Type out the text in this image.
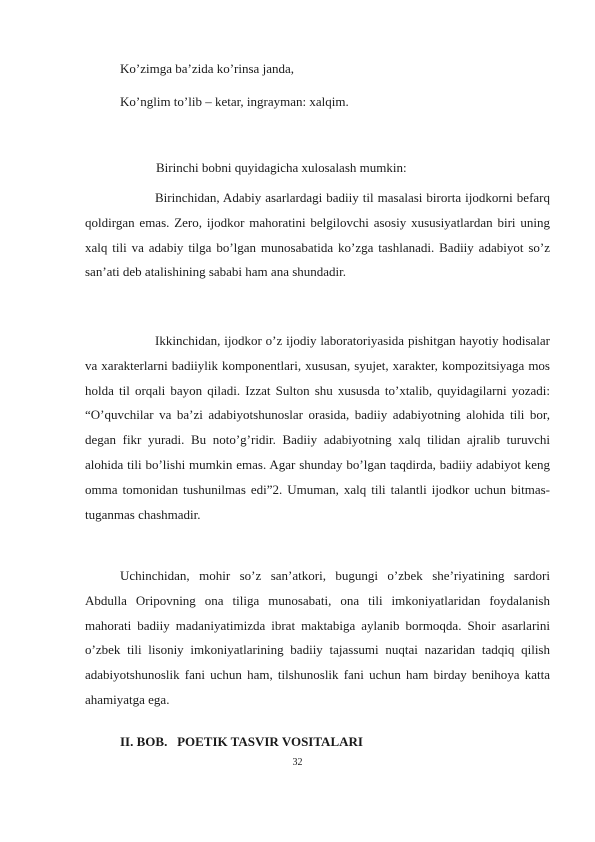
Ko’zimga ba’zida ko’rinsa janda,

Ko’nglim to’lib – ketar, ingrayman: xalqim.

Birinchi bobni quyidagicha xulosalash mumkin:

Birinchidan, Adabiy asarlardagi badiiy til masalasi birorta ijodkorni befarq qoldirgan emas. Zero, ijodkor mahoratini belgilovchi asosiy xususiyatlardan biri uning xalq tili va adabiy tilga bo’lgan munosabatida ko’zga tashlanadi. Badiiy adabiyot so’z san’ati deb atalishining sababi ham ana shundadir.

Ikkinchidan, ijodkor o’z ijodiy laboratoriyasida pishitgan hayotiy hodisalar va xarakterlarni badiiylik komponentlari, xususan, syujet, xarakter, kompozitsiyaga mos holda til orqali bayon qiladi. Izzat Sulton shu xususda to’xtalib, quyidagilarni yozadi: “O’quvchilar va ba’zi adabiyotshunoslar orasida, badiiy adabiyotning alohida tili bor, degan fikr yuradi. Bu noto’g’ridir. Badiiy adabiyotning xalq tilidan ajralib turuvchi alohida tili bo’lishi mumkin emas. Agar shunday bo’lgan taqdirda, badiiy adabiyot keng omma tomonidan tushunilmas edi”2. Umuman, xalq tili talantli ijodkor uchun bitmas-tuganmas chashmadir.

Uchinchidan, mohir so’z san’atkori, bugungi o’zbek she’riyatining sardori Abdulla Oripovning ona tiliga munosabati, ona tili imkoniyatlaridan foydalanish mahorati badiiy madaniyatimizda ibrat maktabiga aylanib bormoqda. Shoir asarlarini o’zbek tili lisoniy imkoniyatlarining badiiy tajassumi nuqtai nazaridan tadqiq qilish adabiyotshunoslik fani uchun ham, tilshunoslik fani uchun ham birday benihoya katta ahamiyatga ega.

II. BOB.   POETIK TASVIR VOSITALARI

32
